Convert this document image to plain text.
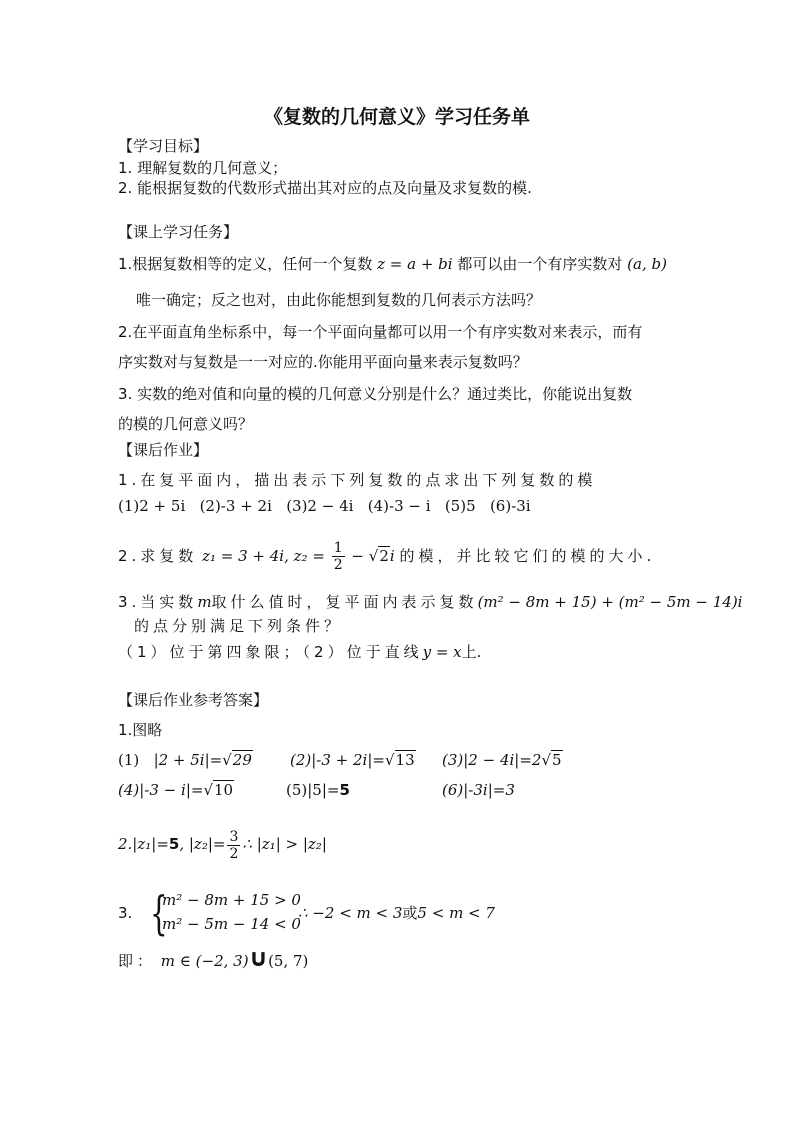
《复数的几何意义》学习任务单
【学习目标】
1. 理解复数的几何意义；
2. 能根据复数的代数形式描出其对应的点及向量及求复数的模.
【课上学习任务】
1.根据复数相等的定义，任何一个复数 z = a + bi 都可以由一个有序实数对 (a, b)
唯一确定；反之也对，由此你能想到复数的几何表示方法吗？
2.在平面直角坐标系中，每一个平面向量都可以用一个有序实数对来表示，而有
序实数对与复数是一一对应的.你能用平面向量来表示复数吗？
3. 实数的绝对值和向量的模的几何意义分别是什么？通过类比，你能说出复数
的模的几何意义吗？
【课后作业】
1.在复平面内，描出表示下列复数的点求出下列复数的模
(1)2 + 5i (2)-3 + 2i (3)2 − 4i (4)-3 − i (5)5 (6)-3i
2.求复数 z₁ = 3 + 4i, $z_2 = \frac{1}{2} - √2i$ 的模，并比较它们的模的大小.
3.当实数m取什么值时，复平面内表示复数(m² − 8m + 15) + (m² − 5m − 14)i
的点分别满足下列条件？
（1）位于第四象限；（2）位于直线y = x上.
【课后作业参考答案】
1.图略
(1) |2 + 5i|=√29	(2)|-3 + 2i|=√13 (3)|2 − 4i|=2√5
(4)|-3 − i|=√10	(5)|5|=5	(6)|-3i|=3
2.|z₁|=5, $|z_2|= \frac{3}{2}$ ∴ |z₁| > |z₂|
3. {
m² − 8m + 15 > 0
m² − 5m − 14 < 0
∴ −2 < m < 3或5 < m < 7
即： m ∈ (−2, 3)∪(5, 7)
